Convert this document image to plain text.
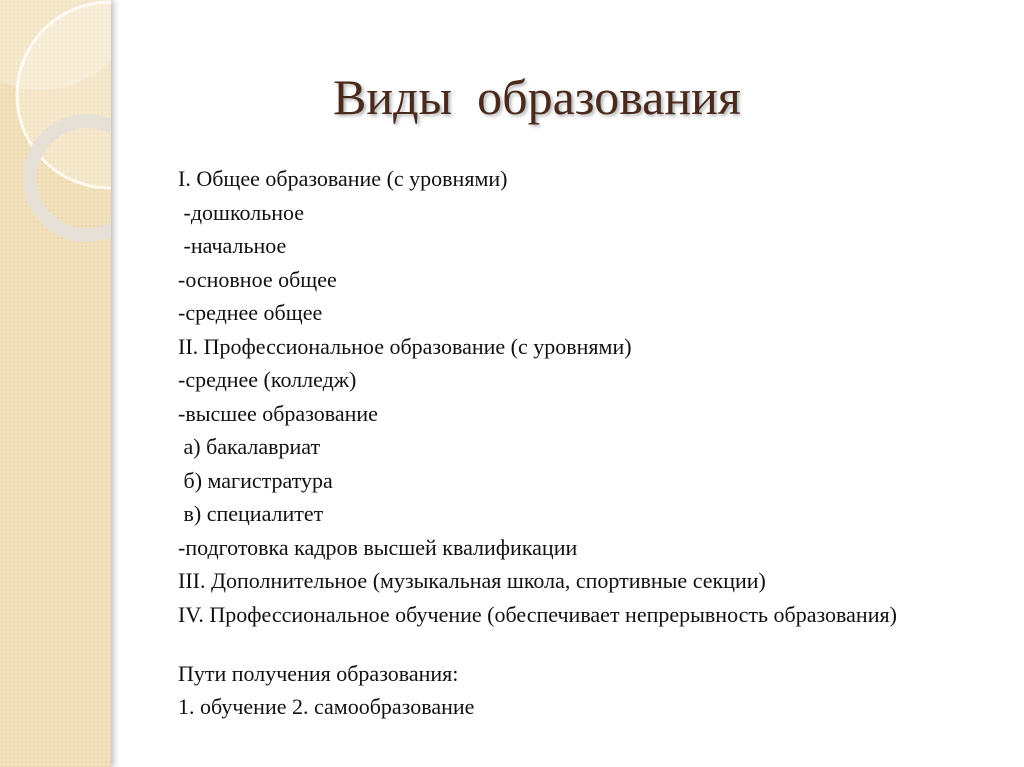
Виды  образования
I. Общее образование (с уровнями)
-дошкольное
-начальное
-основное общее
-среднее общее
II. Профессиональное образование (с уровнями)
-среднее (колледж)
-высшее образование
а) бакалавриат
б) магистратура
в) специалитет
-подготовка кадров высшей квалификации
III. Дополнительное (музыкальная школа, спортивные секции)
IV. Профессиональное обучение (обеспечивает непрерывность образования)
Пути получения образования:
1. обучение 2. самообразование
